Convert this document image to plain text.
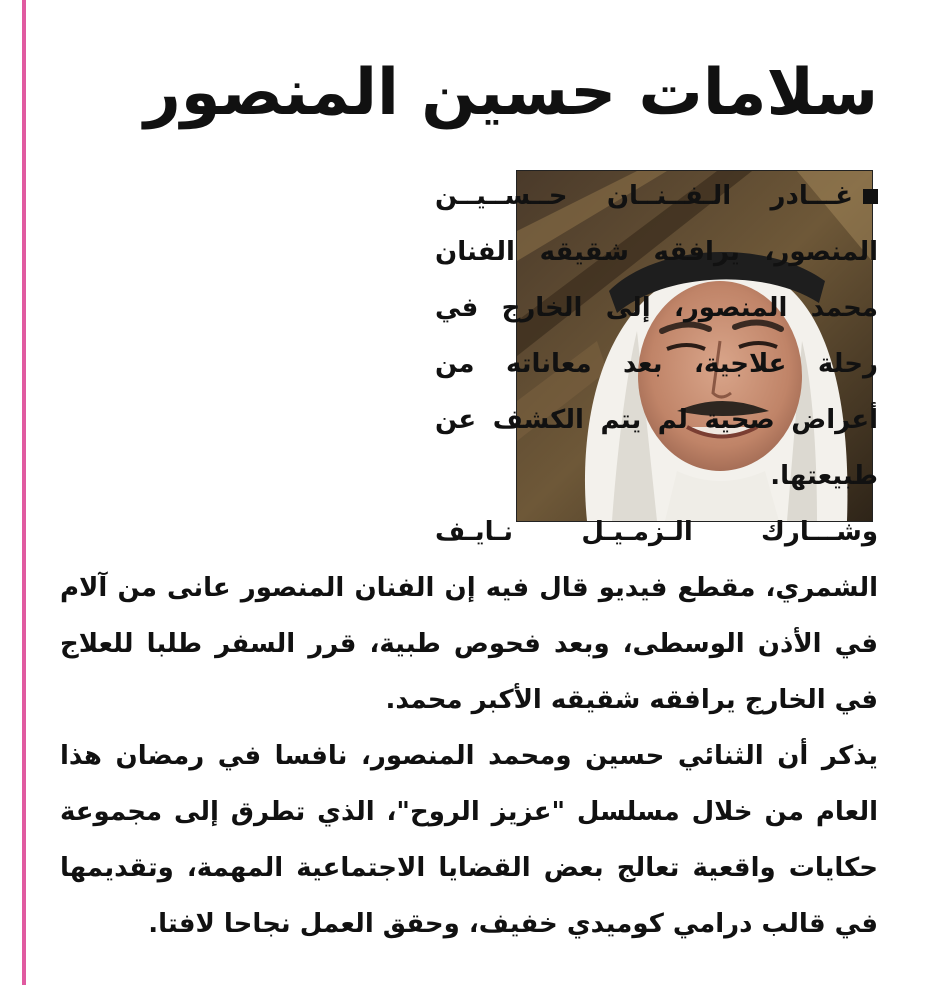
سلامات حسين المنصور

غـــادر الـفــنــان حــســيــن المنصور، يرافقه شقيقه الفنان محمد المنصور، إلى الخارج في رحلة علاجية، بعد معاناته من أعراض صحية لم يتم الكشف عن طبيعتها.

وشـــارك الـزمـيـل نـايـف الشمري، مقطع فيديو قال فيه إن الفنان المنصور عانى من آلام في الأذن الوسطى، وبعد فحوص طبية، قرر السفر طلبا للعلاج في الخارج يرافقه شقيقه الأكبر محمد.

يذكر أن الثنائي حسين ومحمد المنصور، نافسا في رمضان هذا العام من خلال مسلسل "عزيز الروح"، الذي تطرق إلى مجموعة حكايات واقعية تعالج بعض القضايا الاجتماعية المهمة، وتقديمها في قالب درامي كوميدي خفيف، وحقق العمل نجاحا لافتا.
